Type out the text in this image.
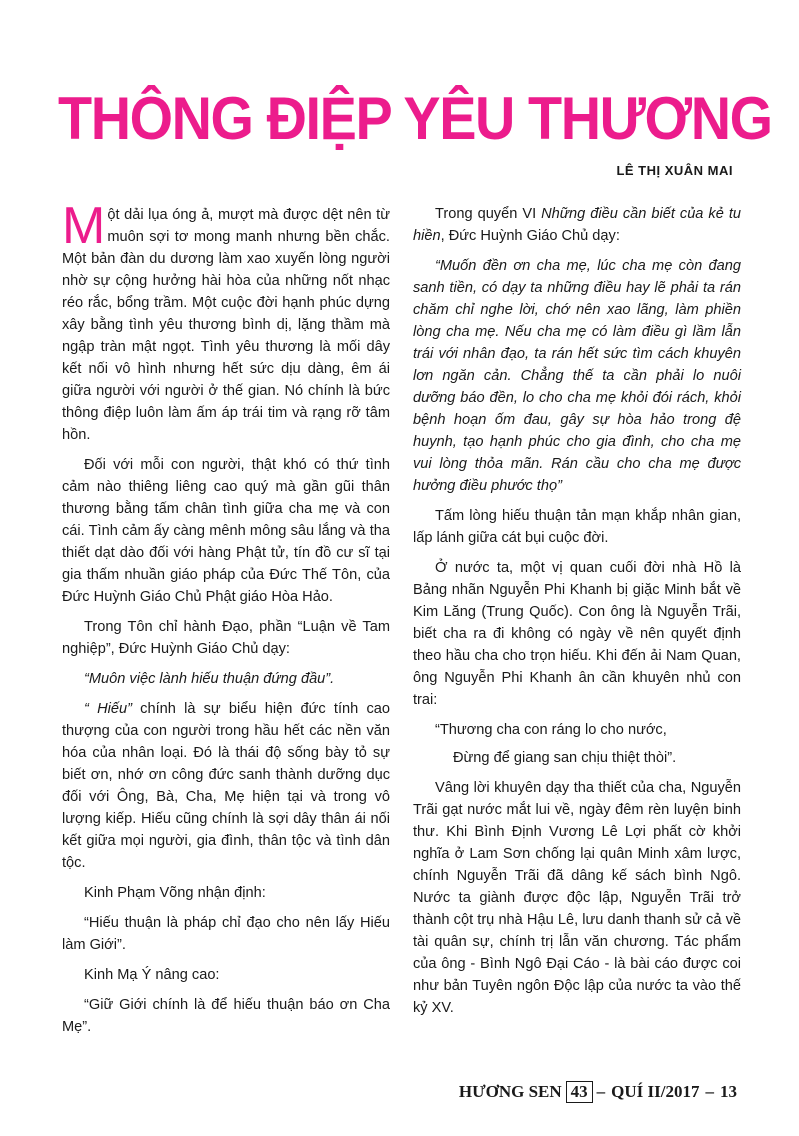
THÔNG ĐIỆP YÊU THƯƠNG
LÊ THỊ XUÂN MAI

Một dải lụa óng ả, mượt mà được dệt nên từ muôn sợi tơ mong manh nhưng bền chắc. Một bản đàn du dương làm xao xuyến lòng người nhờ sự cộng hưởng hài hòa của những nốt nhạc réo rắc, bổng trầm. Một cuộc đời hạnh phúc dựng xây bằng tình yêu thương bình dị, lặng thầm mà ngập tràn mật ngọt. Tình yêu thương là mối dây kết nối vô hình nhưng hết sức dịu dàng, êm ái giữa người với người ở thế gian. Nó chính là bức thông điệp luôn làm ấm áp trái tim và rạng rỡ tâm hồn.

Đối với mỗi con người, thật khó có thứ tình cảm nào thiêng liêng cao quý mà gần gũi thân thương bằng tấm chân tình giữa cha mẹ và con cái. Tình cảm ấy càng mênh mông sâu lắng và tha thiết dạt dào đối với hàng Phật tử, tín đồ cư sĩ tại gia thấm nhuần giáo pháp của Đức Thế Tôn, của Đức Huỳnh Giáo Chủ Phật giáo Hòa Hảo.

Trong Tôn chỉ hành Đạo, phần “Luận về Tam nghiệp”, Đức Huỳnh Giáo Chủ dạy:

“Muôn việc lành hiếu thuận đứng đầu”.

“ Hiếu” chính là sự biểu hiện đức tính cao thượng của con người trong hầu hết các nền văn hóa của nhân loại. Đó là thái độ sống bày tỏ sự biết ơn, nhớ ơn công đức sanh thành dưỡng dục đối với Ông, Bà, Cha, Mẹ hiện tại và trong vô lượng kiếp. Hiếu cũng chính là sợi dây thân ái nối kết giữa mọi người, gia đình, thân tộc và tình dân tộc.

Kinh Phạm Võng nhận định:

“Hiếu thuận là pháp chỉ đạo cho nên lấy Hiếu làm Giới”.

Kinh Mạ Ý nâng cao:

“Giữ Giới chính là để hiếu thuận báo ơn Cha Mẹ”.

Trong quyển VI Những điều cần biết của kẻ tu hiền, Đức Huỳnh Giáo Chủ dạy:

“Muốn đền ơn cha mẹ, lúc cha mẹ còn đang sanh tiền, có dạy ta những điều hay lẽ phải ta rán chăm chỉ nghe lời, chớ nên xao lãng, làm phiền lòng cha mẹ. Nếu cha mẹ có làm điều gì lầm lẫn trái với nhân đạo, ta rán hết sức tìm cách khuyên lơn ngăn cản. Chẳng thế ta cần phải lo nuôi dưỡng báo đền, lo cho cha mẹ khỏi đói rách, khỏi bệnh hoạn ốm đau, gây sự hòa hảo trong đệ huynh, tạo hạnh phúc cho gia đình, cho cha mẹ vui lòng thỏa mãn. Rán cầu cho cha mẹ được hưởng điều phước thọ”

Tấm lòng hiếu thuận tản mạn khắp nhân gian, lấp lánh giữa cát bụi cuộc đời.

Ở nước ta, một vị quan cuối đời nhà Hồ là Bảng nhãn Nguyễn Phi Khanh bị giặc Minh bắt về Kim Lăng (Trung Quốc). Con ông là Nguyễn Trãi, biết cha ra đi không có ngày về nên quyết định theo hầu cha cho trọn hiếu. Khi đến ải Nam Quan, ông Nguyễn Phi Khanh ân cần khuyên nhủ con trai:

“Thương cha con ráng lo cho nước,

Đừng để giang san chịu thiệt thòi”.

Vâng lời khuyên dạy tha thiết của cha, Nguyễn Trãi gạt nước mắt lui về, ngày đêm rèn luyện binh thư. Khi Bình Định Vương Lê Lợi phất cờ khởi nghĩa ở Lam Sơn chống lại quân Minh xâm lược, chính Nguyễn Trãi đã dâng kế sách bình Ngô. Nước ta giành được độc lập, Nguyễn Trãi trở thành cột trụ nhà Hậu Lê, lưu danh thanh sử cả về tài quân sự, chính trị lẫn văn chương. Tác phẩm của ông - Bình Ngô Đại Cáo - là bài cáo được coi như bản Tuyên ngôn Độc lập của nước ta vào thế kỷ XV.

HƯƠNG SEN 43 – QUÍ II/2017 – 13
